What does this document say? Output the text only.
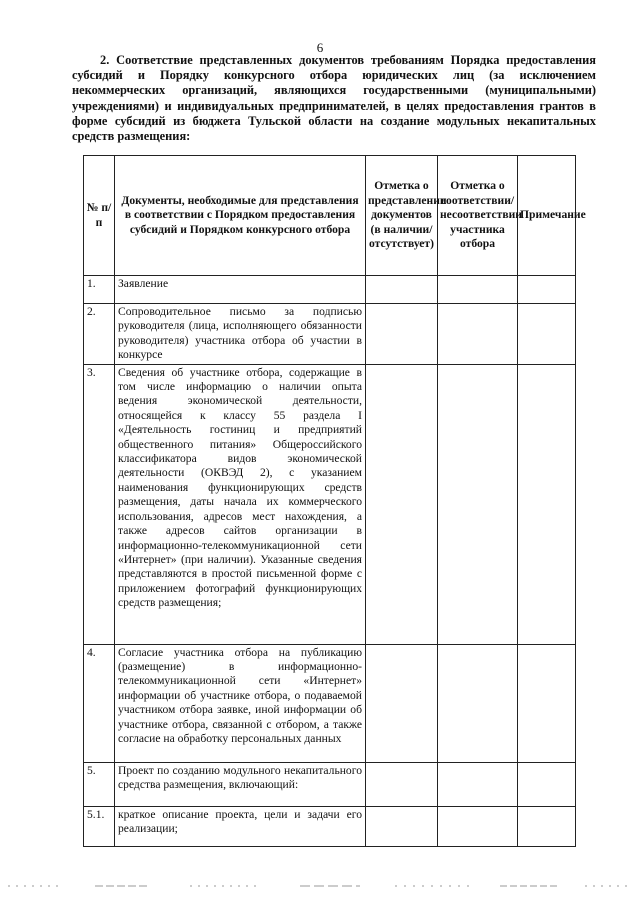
6
2. Соответствие представленных документов требованиям Порядка предоставления субсидий и Порядку конкурсного отбора юридических лиц (за исключением некоммерческих организаций, являющихся государственными (муниципальными) учреждениями) и индивидуальных предпринимателей, в целях предоставления грантов в форме субсидий из бюджета Тульской области на создание модульных некапитальных средств размещения:
№ п/п	Документы, необходимые для представления в соответствии с Порядком предоставления субсидий и Порядком конкурсного отбора	Отметка о представлении документов (в наличии/ отсутствует)	Отметка о соответствии/несоответствии участника отбора	Примечание
1.	Заявление			
2.	Сопроводительное письмо за подписью руководителя (лица, исполняющего обязанности руководителя) участника отбора об участии в конкурсе			
3.	Сведения об участнике отбора, содержащие в том числе информацию о наличии опыта ведения экономической деятельности, относящейся к классу 55 раздела I «Деятельность гостиниц и предприятий общественного питания» Общероссийского классификатора видов экономической деятельности (ОКВЭД 2), с указанием наименования функционирующих средств размещения, даты начала их коммерческого использования, адресов мест нахождения, а также адресов сайтов организации в информационно-телекоммуникационной сети «Интернет» (при наличии). Указанные сведения представляются в простой письменной форме с приложением фотографий функционирующих средств размещения;			
4.	Согласие участника отбора на публикацию (размещение) в информационно-телекоммуникационной сети «Интернет» информации об участнике отбора, о подаваемой участником отбора заявке, иной информации об участнике отбора, связанной с отбором, а также согласие на обработку персональных данных			
5.	Проект по созданию модульного некапитального средства размещения, включающий:			
5.1.	краткое описание проекта, цели и задачи его реализации;			
